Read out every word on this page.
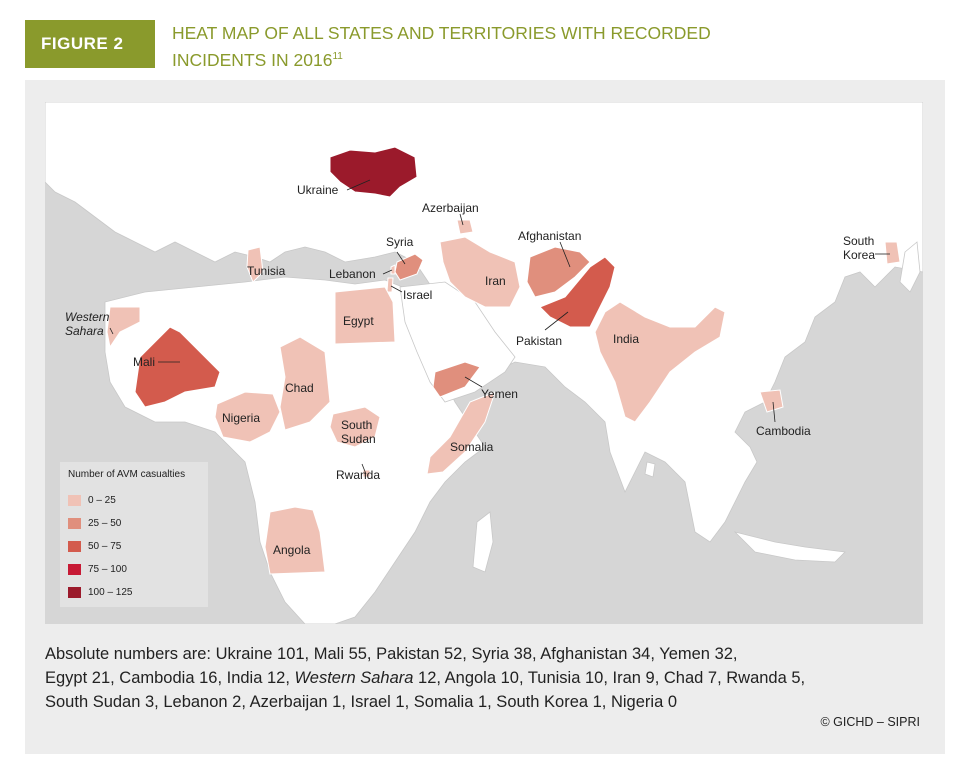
FIGURE 2
HEAT MAP OF ALL STATES AND TERRITORIES WITH RECORDED
INCIDENTS IN 2016$^{11}$
Ukraine
Azerbaijan
Syria	Afghanistan	South
Korea
Tunisia	Lebanon	Iran
Israel
Western
Sahara
Egypt
Pakistan	India
Mali
Chad	Yemen
Nigeria	South
Sudan
Somalia
Cambodia
Rwanda
Angola
Number of AVM casualties
0 – 25
25 – 50
50 – 75
75 – 100
100 – 125
Absolute numbers are: Ukraine 101, Mali 55, Pakistan 52, Syria 38, Afghanistan 34, Yemen 32,
Egypt 21, Cambodia 16, India 12, Western Sahara 12, Angola 10, Tunisia 10, Iran 9, Chad 7, Rwanda 5,
South Sudan 3, Lebanon 2, Azerbaijan 1, Israel 1, Somalia 1, South Korea 1, Nigeria 0
© GICHD – SIPRI
